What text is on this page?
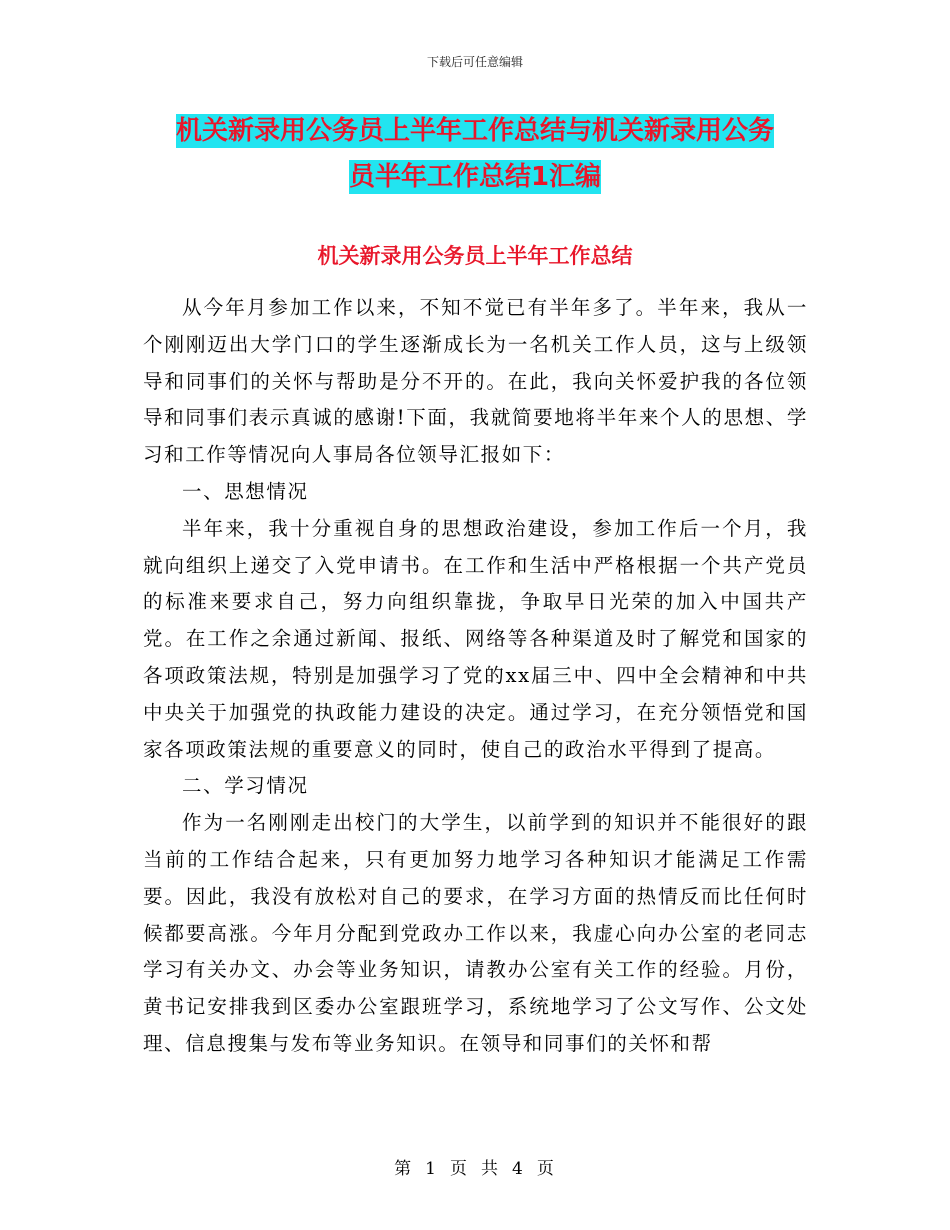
下载后可任意编辑
机关新录用公务员上半年工作总结与机关新录用公务
员半年工作总结1汇编
机关新录用公务员上半年工作总结

从今年月参加工作以来，不知不觉已有半年多了。半年来，我从一个刚刚迈出大学门口的学生逐渐成长为一名机关工作人员，这与上级领导和同事们的关怀与帮助是分不开的。在此，我向关怀爱护我的各位领导和同事们表示真诚的感谢!下面，我就简要地将半年来个人的思想、学习和工作等情况向人事局各位领导汇报如下：

一、思想情况

半年来，我十分重视自身的思想政治建设，参加工作后一个月，我就向组织上递交了入党申请书。在工作和生活中严格根据一个共产党员的标准来要求自己，努力向组织靠拢，争取早日光荣的加入中国共产党。在工作之余通过新闻、报纸、网络等各种渠道及时了解党和国家的各项政策法规，特别是加强学习了党的xx届三中、四中全会精神和中共中央关于加强党的执政能力建设的决定。通过学习，在充分领悟党和国家各项政策法规的重要意义的同时，使自己的政治水平得到了提高。

二、学习情况

作为一名刚刚走出校门的大学生，以前学到的知识并不能很好的跟当前的工作结合起来，只有更加努力地学习各种知识才能满足工作需要。因此，我没有放松对自己的要求，在学习方面的热情反而比任何时候都要高涨。今年月分配到党政办工作以来，我虚心向办公室的老同志学习有关办文、办会等业务知识，请教办公室有关工作的经验。月份，黄书记安排我到区委办公室跟班学习，系统地学习了公文写作、公文处理、信息搜集与发布等业务知识。在领导和同事们的关怀和帮

第 1 页 共 4 页
